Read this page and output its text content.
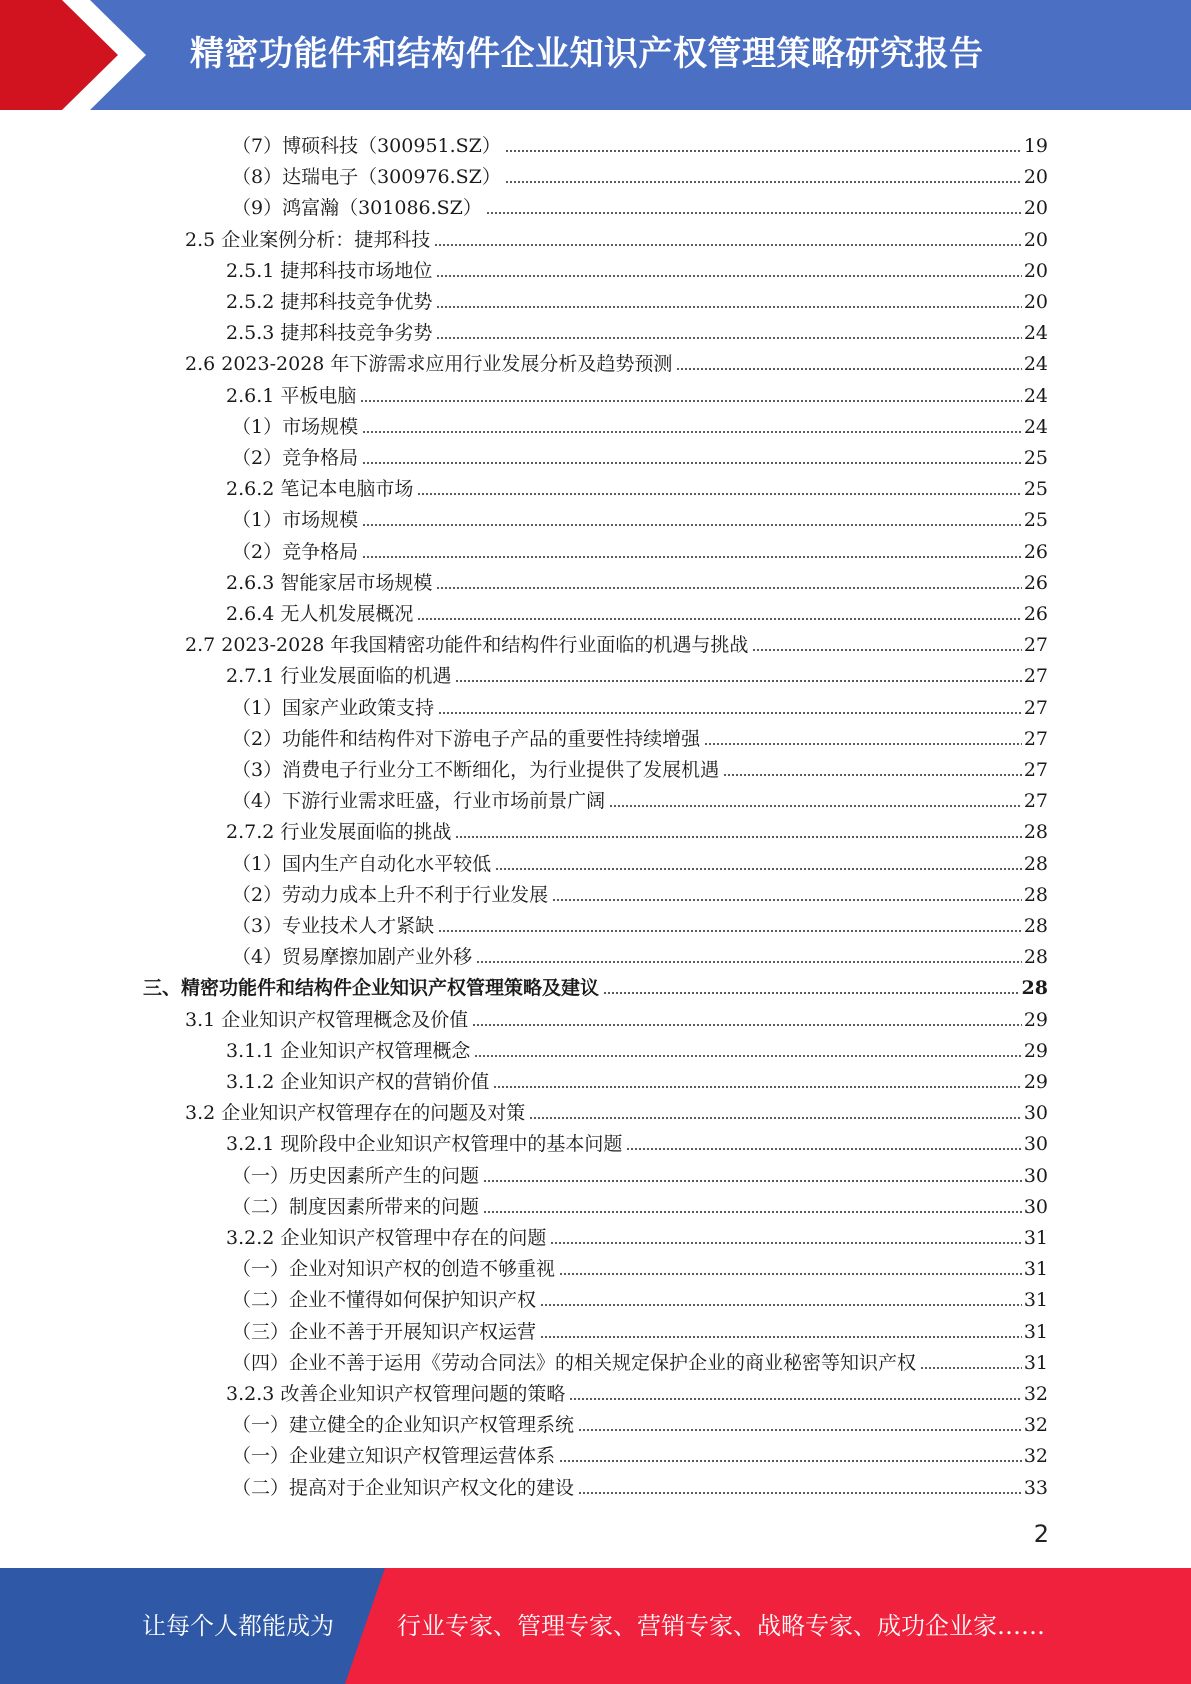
精密功能件和结构件企业知识产权管理策略研究报告
（7）博硕科技（300951.SZ）	19
（8）达瑞电子（300976.SZ）	20
（9）鸿富瀚（301086.SZ）	20
2.5 企业案例分析：捷邦科技	20
2.5.1 捷邦科技市场地位	20
2.5.2 捷邦科技竞争优势	20
2.5.3 捷邦科技竞争劣势	24
2.6 2023-2028 年下游需求应用行业发展分析及趋势预测	24
2.6.1 平板电脑	24
（1）市场规模	24
（2）竞争格局	25
2.6.2 笔记本电脑市场	25
（1）市场规模	25
（2）竞争格局	26
2.6.3 智能家居市场规模	26
2.6.4 无人机发展概况	26
2.7 2023-2028 年我国精密功能件和结构件行业面临的机遇与挑战	27
2.7.1 行业发展面临的机遇	27
（1）国家产业政策支持	27
（2）功能件和结构件对下游电子产品的重要性持续增强	27
（3）消费电子行业分工不断细化，为行业提供了发展机遇	27
（4）下游行业需求旺盛，行业市场前景广阔	27
2.7.2 行业发展面临的挑战	28
（1）国内生产自动化水平较低	28
（2）劳动力成本上升不利于行业发展	28
（3）专业技术人才紧缺	28
（4）贸易摩擦加剧产业外移	28
三、精密功能件和结构件企业知识产权管理策略及建议	28
3.1 企业知识产权管理概念及价值	29
3.1.1 企业知识产权管理概念	29
3.1.2 企业知识产权的营销价值	29
3.2 企业知识产权管理存在的问题及对策	30
3.2.1 现阶段中企业知识产权管理中的基本问题	30
（一）历史因素所产生的问题	30
（二）制度因素所带来的问题	30
3.2.2 企业知识产权管理中存在的问题	31
（一）企业对知识产权的创造不够重视	31
（二）企业不懂得如何保护知识产权	31
（三）企业不善于开展知识产权运营	31
（四）企业不善于运用《劳动合同法》的相关规定保护企业的商业秘密等知识产权	31
3.2.3 改善企业知识产权管理问题的策略	32
（一）建立健全的企业知识产权管理系统	32
（一）企业建立知识产权管理运营体系	32
（二）提高对于企业知识产权文化的建设	33
2
让每个人都能成为	行业专家、管理专家、营销专家、战略专家、成功企业家……
